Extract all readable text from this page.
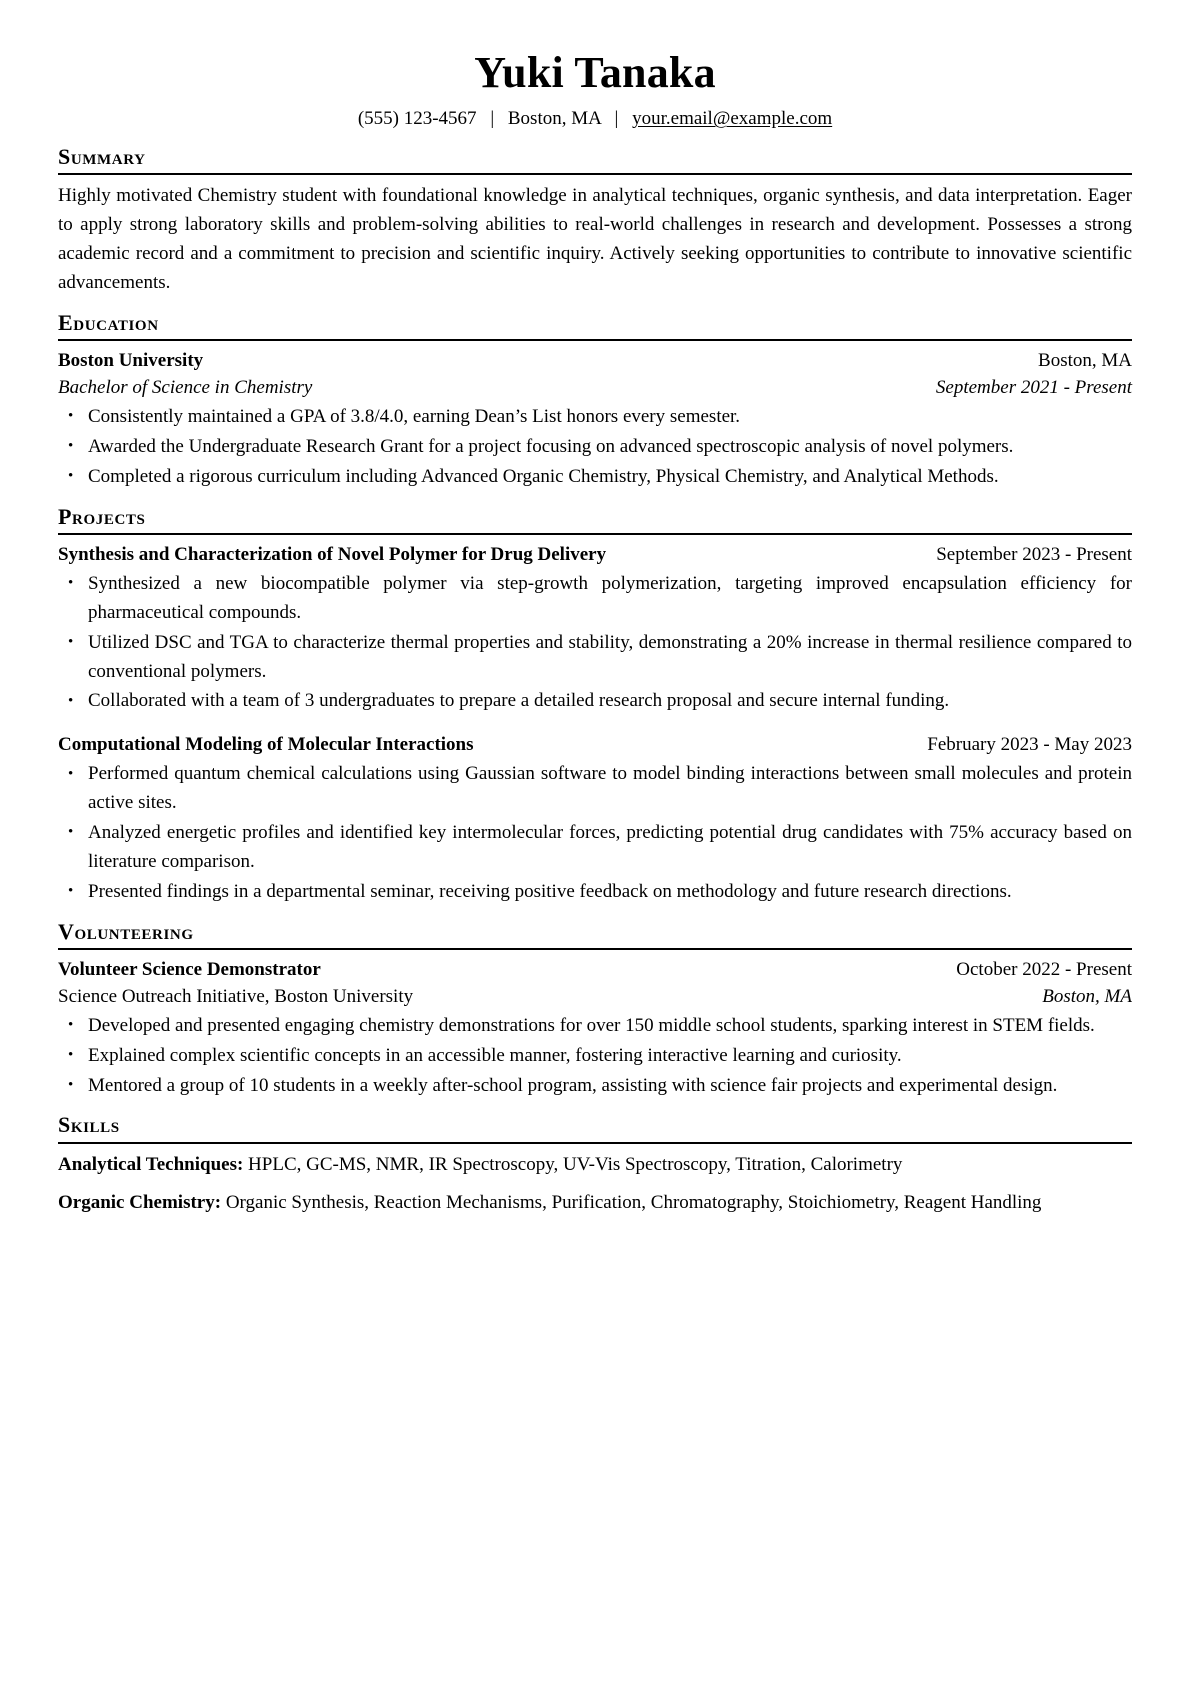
Yuki Tanaka
(555) 123-4567 | Boston, MA | your.email@example.com
Summary

Highly motivated Chemistry student with foundational knowledge in analytical techniques, organic synthesis, and data interpretation. Eager to apply strong laboratory skills and problem-solving abilities to real-world challenges in research and development. Possesses a strong academic record and a commitment to precision and scientific inquiry. Actively seeking opportunities to contribute to innovative scientific advancements.

Education
Boston University	Boston, MA
Bachelor of Science in Chemistry	September 2021 - Present
• Consistently maintained a GPA of 3.8/4.0, earning Dean’s List honors every semester.
• Awarded the Undergraduate Research Grant for a project focusing on advanced spectroscopic analysis of novel polymers.
• Completed a rigorous curriculum including Advanced Organic Chemistry, Physical Chemistry, and Analytical Methods.
Projects
Synthesis and Characterization of Novel Polymer for Drug Delivery	September 2023 - Present
• Synthesized a new biocompatible polymer via step-growth polymerization, targeting improved encapsulation efficiency for pharmaceutical compounds.
• Utilized DSC and TGA to characterize thermal properties and stability, demonstrating a 20% increase in thermal resilience compared to conventional polymers.
• Collaborated with a team of 3 undergraduates to prepare a detailed research proposal and secure internal funding.
Computational Modeling of Molecular Interactions	February 2023 - May 2023
• Performed quantum chemical calculations using Gaussian software to model binding interactions between small molecules and protein active sites.
• Analyzed energetic profiles and identified key intermolecular forces, predicting potential drug candidates with 75% accuracy based on literature comparison.
• Presented findings in a departmental seminar, receiving positive feedback on methodology and future research directions.
Volunteering
Volunteer Science Demonstrator	October 2022 - Present
Science Outreach Initiative, Boston University	Boston, MA
• Developed and presented engaging chemistry demonstrations for over 150 middle school students, sparking interest in STEM fields.
• Explained complex scientific concepts in an accessible manner, fostering interactive learning and curiosity.
• Mentored a group of 10 students in a weekly after-school program, assisting with science fair projects and experimental design.
Skills

Analytical Techniques: HPLC, GC-MS, NMR, IR Spectroscopy, UV-Vis Spectroscopy, Titration, Calorimetry

Organic Chemistry: Organic Synthesis, Reaction Mechanisms, Purification, Chromatography, Stoichiometry, Reagent Handling
